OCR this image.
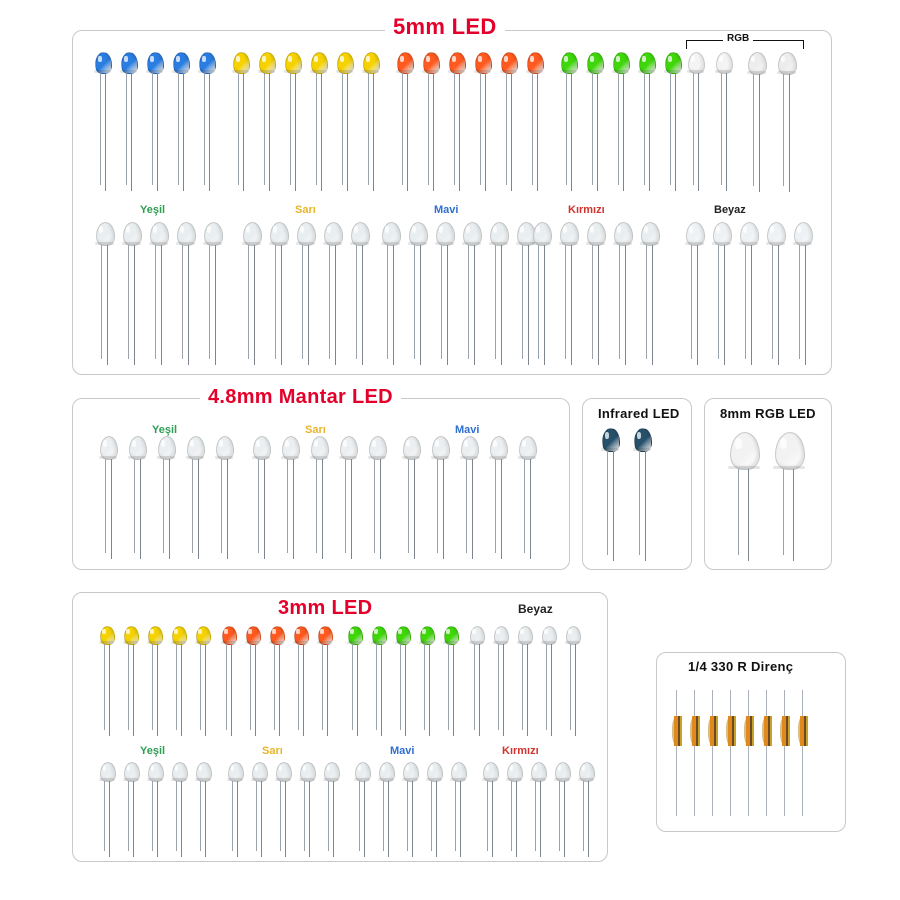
5mm LED	RGB
Yeşil	Sarı	Mavi	Kırmızı	Beyaz
4.8mm Mantar LED
Yeşil	Sarı	Mavi
Infrared LED	8mm RGB LED
3mm LED	Beyaz
Yeşil	Sarı	Mavi	Kırmızı
1/4 330 R Direnç
